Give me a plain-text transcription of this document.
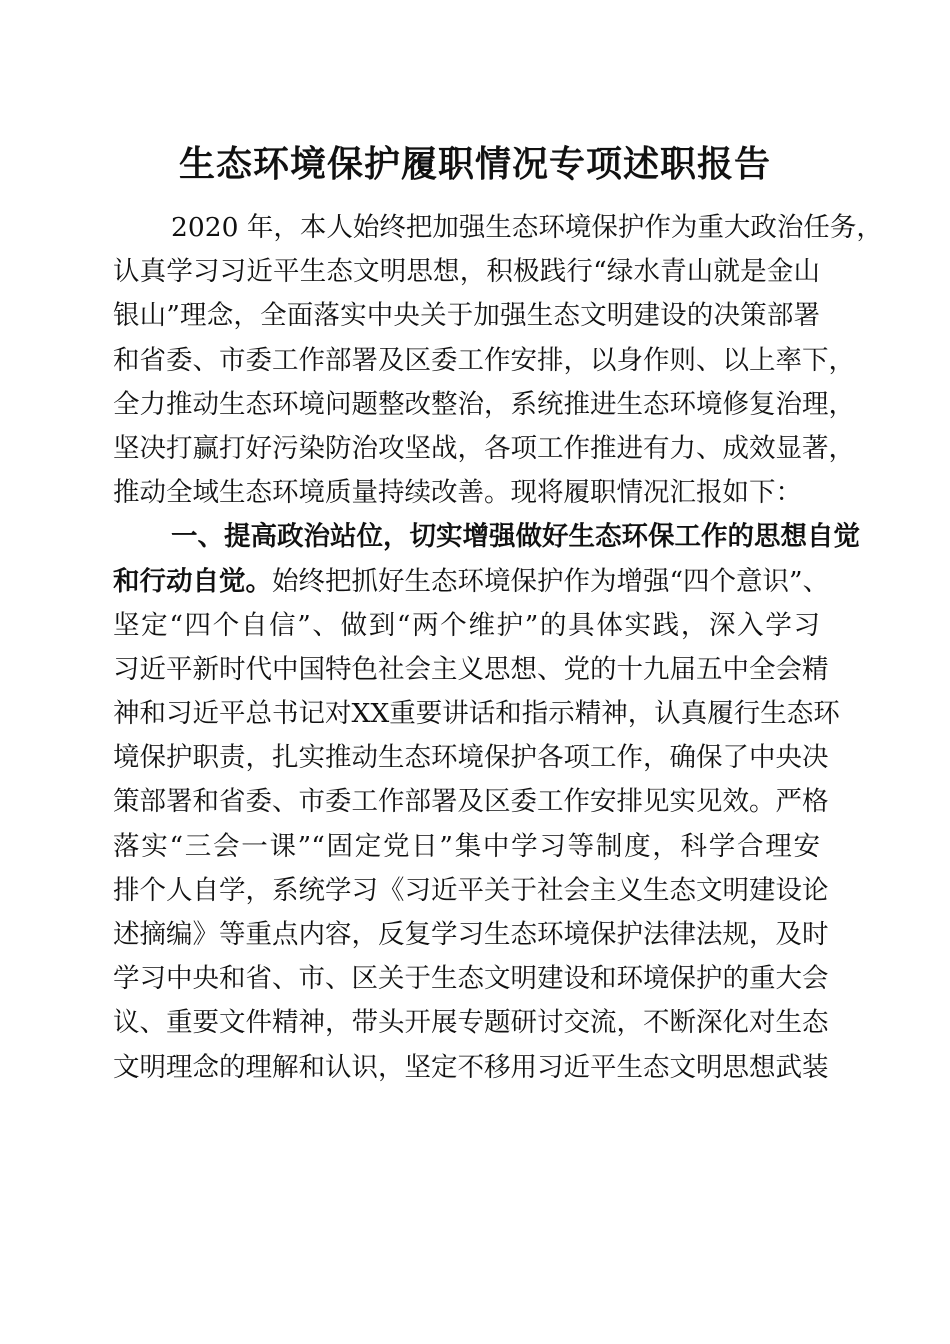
生态环境保护履职情况专项述职报告
2020 年，本人始终把加强生态环境保护作为重大政治任务，
认真学习习近平生态文明思想，积极践行“绿水青山就是金山
银山”理念，全面落实中央关于加强生态文明建设的决策部署
和省委、市委工作部署及区委工作安排，以身作则、以上率下，
全力推动生态环境问题整改整治，系统推进生态环境修复治理，
坚决打赢打好污染防治攻坚战，各项工作推进有力、成效显著，
推动全域生态环境质量持续改善。现将履职情况汇报如下：
一、提高政治站位，切实增强做好生态环保工作的思想自觉
和行动自觉。始终把抓好生态环境保护作为增强“四个意识”、
坚定“四个自信”、做到“两个维护”的具体实践，深入学习
习近平新时代中国特色社会主义思想、党的十九届五中全会精
神和习近平总书记对XX重要讲话和指示精神，认真履行生态环
境保护职责，扎实推动生态环境保护各项工作，确保了中央决
策部署和省委、市委工作部署及区委工作安排见实见效。严格
落实“三会一课”“固定党日”集中学习等制度，科学合理安
排个人自学，系统学习《习近平关于社会主义生态文明建设论
述摘编》等重点内容，反复学习生态环境保护法律法规，及时
学习中央和省、市、区关于生态文明建设和环境保护的重大会
议、重要文件精神，带头开展专题研讨交流，不断深化对生态
文明理念的理解和认识，坚定不移用习近平生态文明思想武装
